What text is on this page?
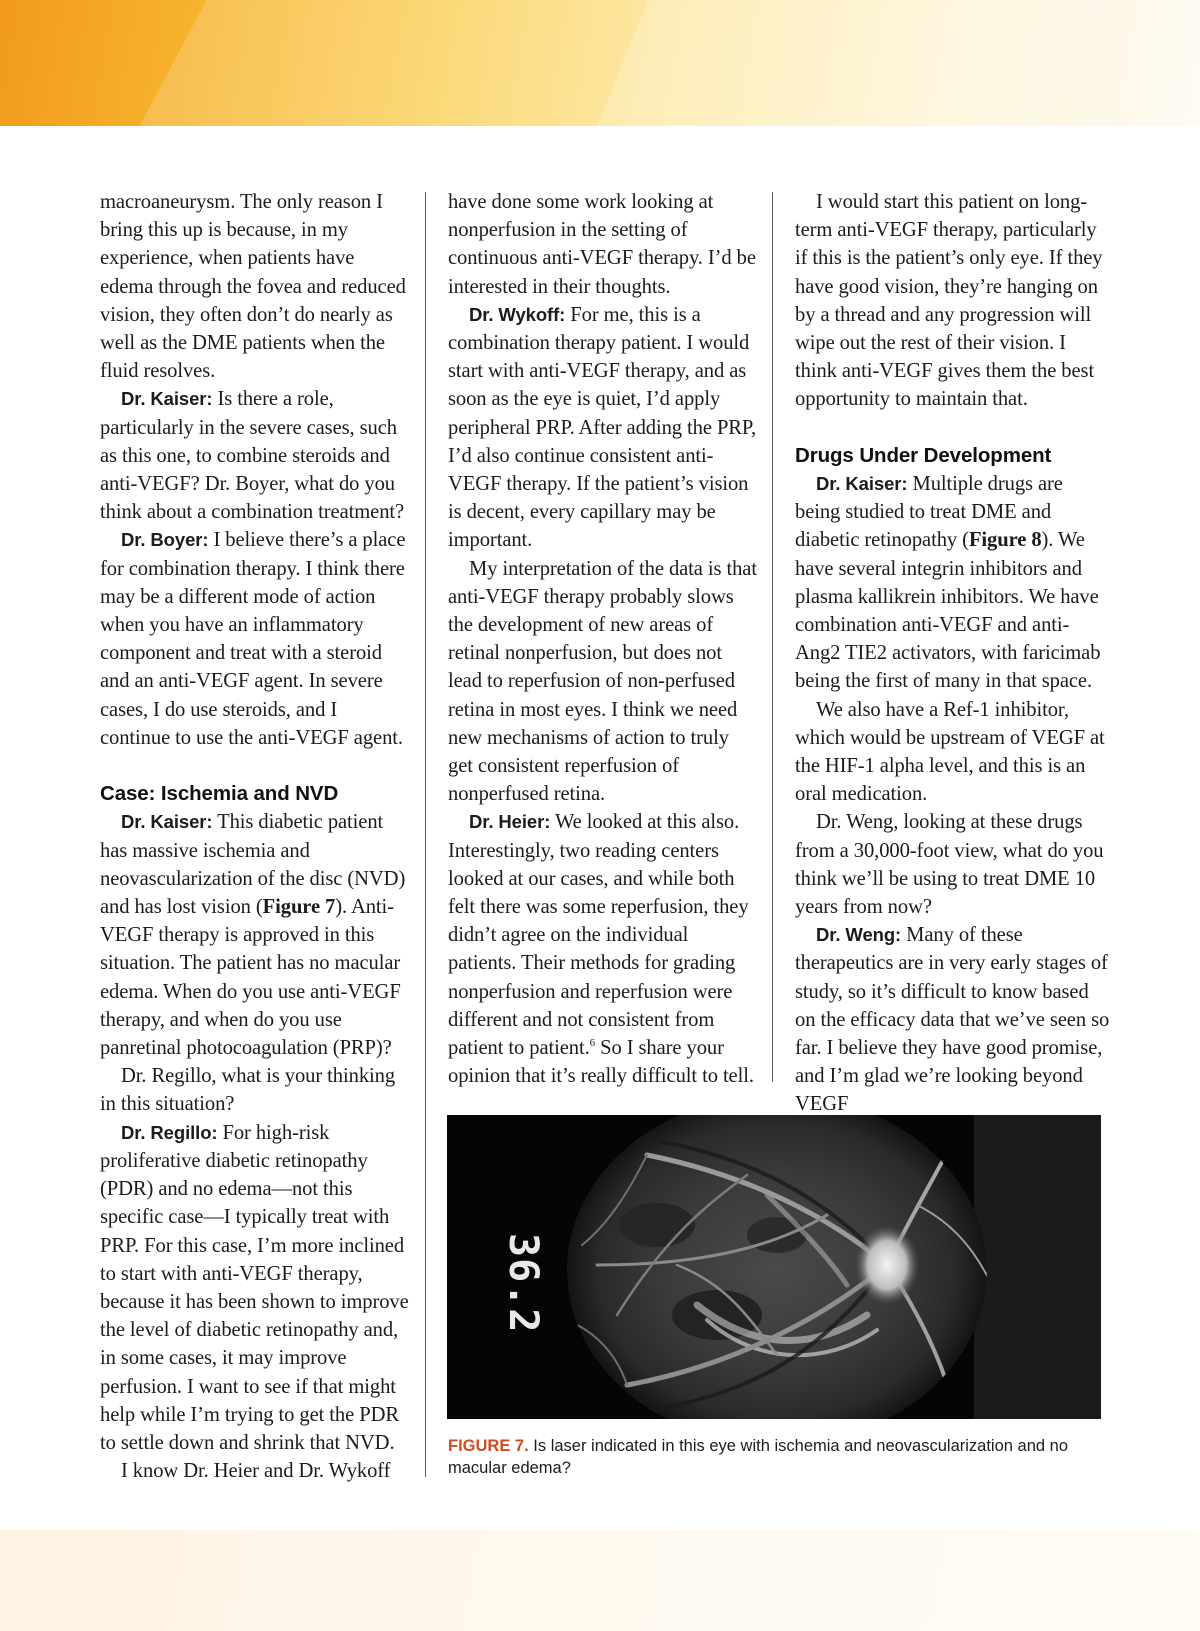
macroaneurysm. The only reason I bring this up is because, in my experience, when patients have edema through the fovea and reduced vision, they often don’t do nearly as well as the DME patients when the fluid resolves.

Dr. Kaiser: Is there a role, particularly in the severe cases, such as this one, to combine steroids and anti-VEGF? Dr. Boyer, what do you think about a combination treatment?

Dr. Boyer: I believe there’s a place for combination therapy. I think there may be a different mode of action when you have an inflammatory component and treat with a steroid and an anti-VEGF agent. In severe cases, I do use steroids, and I continue to use the anti-VEGF agent.

Case: Ischemia and NVD

Dr. Kaiser: This diabetic patient has massive ischemia and neovascularization of the disc (NVD) and has lost vision (Figure 7). Anti-VEGF therapy is approved in this situation. The patient has no macular edema. When do you use anti-VEGF therapy, and when do you use panretinal photocoagulation (PRP)?

Dr. Regillo, what is your thinking in this situation?

Dr. Regillo: For high-risk proliferative diabetic retinopathy (PDR) and no edema—not this specific case—I typically treat with PRP. For this case, I’m more inclined to start with anti-VEGF therapy, because it has been shown to improve the level of diabetic retinopathy and, in some cases, it may improve perfusion. I want to see if that might help while I’m trying to get the PDR to settle down and shrink that NVD.

I know Dr. Heier and Dr. Wykoff

have done some work looking at nonperfusion in the setting of continuous anti-VEGF therapy. I’d be interested in their thoughts.

Dr. Wykoff: For me, this is a combination therapy patient. I would start with anti-VEGF therapy, and as soon as the eye is quiet, I’d apply peripheral PRP. After adding the PRP, I’d also continue consistent anti-VEGF therapy. If the patient’s vision is decent, every capillary may be important.

My interpretation of the data is that anti-VEGF therapy probably slows the development of new areas of retinal nonperfusion, but does not lead to reperfusion of non-perfused retina in most eyes. I think we need new mechanisms of action to truly get consistent reperfusion of nonperfused retina.

Dr. Heier: We looked at this also. Interestingly, two reading centers looked at our cases, and while both felt there was some reperfusion, they didn’t agree on the individual patients. Their methods for grading nonperfusion and reperfusion were different and not consistent from patient to patient.$^6$ So I share your opinion that it’s really difficult to tell.

I would start this patient on long-term anti-VEGF therapy, particularly if this is the patient’s only eye. If they have good vision, they’re hanging on by a thread and any progression will wipe out the rest of their vision. I think anti-VEGF gives them the best opportunity to maintain that.

Drugs Under Development

Dr. Kaiser: Multiple drugs are being studied to treat DME and diabetic retinopathy (Figure 8). We have several integrin inhibitors and plasma kallikrein inhibitors. We have combination anti-VEGF and anti-Ang2 TIE2 activators, with faricimab being the first of many in that space.

We also have a Ref-1 inhibitor, which would be upstream of VEGF at the HIF-1 alpha level, and this is an oral medication.

Dr. Weng, looking at these drugs from a 30,000-foot view, what do you think we’ll be using to treat DME 10 years from now?

Dr. Weng: Many of these therapeutics are in very early stages of study, so it’s difficult to know based on the efficacy data that we’ve seen so far. I believe they have good promise, and I’m glad we’re looking beyond VEGF

36.2
FIGURE 7. Is laser indicated in this eye with ischemia and neovascularization and no macular edema?
